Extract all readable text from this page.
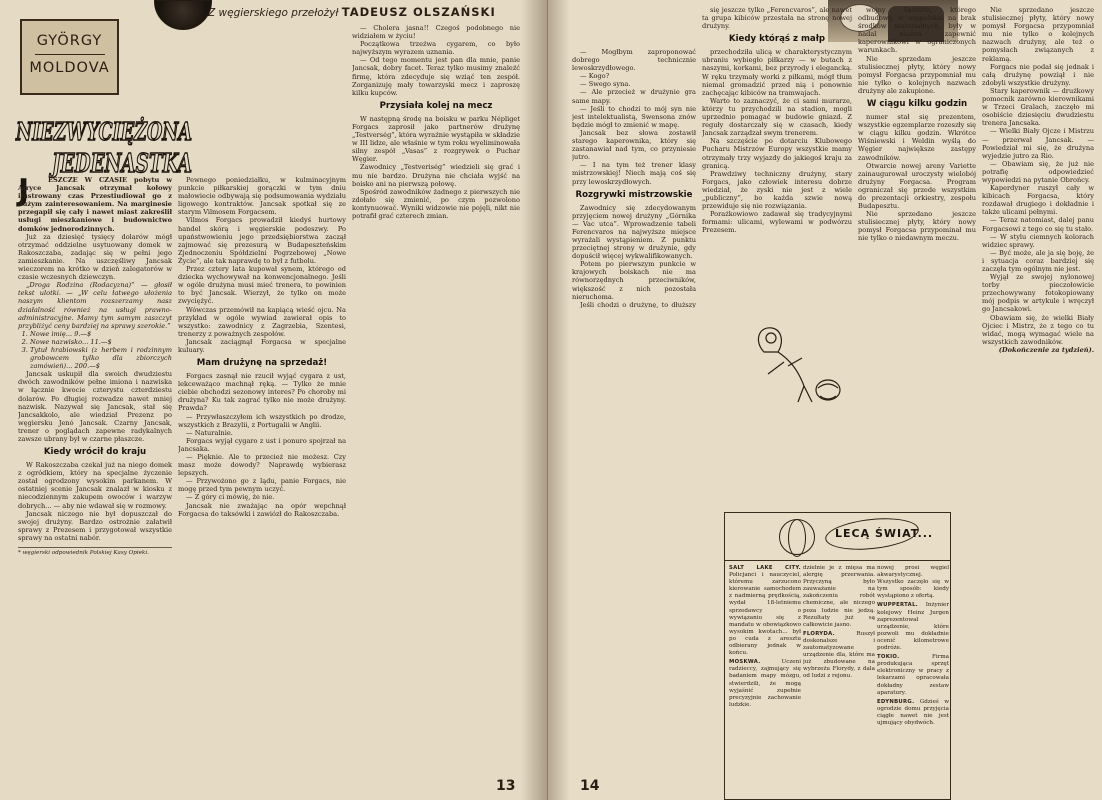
Z węgierskiego przełożył TADEUSZ OLSZAŃSKI
GYÖRGY
MOLDOVA
NIEZWYCIĘŻONA
JEDENASTKA
J	ESZCZE W CZASIE pobytu w Afryce Jancsak otrzymał kołowy ilustrowany czas Przestiudiował go z dużym zainteresowaniem. Na marginesie przegapił się cały i nawet miast zakreślił usługi mieszkaniowe i budownictwo domków jednorodzinnych.

Już za dziesięć tysięcy dolarów mógł otrzymać oddzielne usytuowany domek w Rakoszczaba, zadając się w pełni jego zamieszkanie. Na uszczęśliwy Jancsak wieczorem na krótko w dzień zalegatorów w czasie wczesnych dziewczyn.

„Droga Rodzina (Rodacyzna)” — głosił tekst ulotki. — „W celu łatwego ułożenia naszym klientom rozszerzamy nasz działalność również na usługi prawno-administracyjne. Mamy tym samym zaszczyt przybliżyć ceny bardziej na sprawy szerokie.”

1. Nowe imię... 9.—$
2. Nowe nazwisko... 11.—$
3. Tytuł hrabiowski (z herbem i rodzinnym grobowcem tylko dla zbiorczych zamówień)... 200.—$

Jancsak uskupił dla swoich dwudziestu dwóch zawodników pełne imiona i nazwiska w łącznie kwocie czterystu czterdziestu dolarów. Po długiej rozwadze nawet mniej nazwisk. Nazywał się Jancsak, stał się Jancsakkolo, ale wiedział Prezenz po węgiersku Jenó Jancsak. Czarny Jancsak, trener o poglądach zapewne radykalnych zawsze ubrany był w czarne płaszcze.

Kiedy wrócił do kraju

W Rakoszczaba czekał już na niego domek z ogródkiem, który na specjalne życzenie został ogrodzony wysokim parkanem. W ostatniej scenie Jancsak znalazł w kiosku z niecodziennym zakupem owoców i warzyw dobrych... — aby nie wdawał się w rozmowy.

Jancsak niczego nie był dopuszczał do swojej drużyny. Bardzo ostrożnie załatwił sprawy z Prezesem i przygotował wszystkie sprawy na ostatni nabór.

* węgierski odpowiednik Polskiej Kasy Opieki.

Pewnego poniedziałku, w kulminacyjnym punkcie piłkarskiej gorączki w tym dniu małowiecie odbywają się podsumowania wydziału ligowego kontraktów. Jancsak spotkał się ze starym Vilmosem Forgacsem.

Vilmos Forgacs prowadził kiedyś hurtowy handel skórą i węgierskie podeszwy. Po upaństwowieniu jego przedsiębiorstwa zaczął zajmować się prezesurą w Budapeszteńskim Zjednoczeniu Spółdzielni Pogrzebowej „Nowe Życie”, ale tak naprawdę to był z futbolu.

Przez cztery lata kupował synem, którego od dziecka wychowywał na konwencjonalnego. Jeśli w ogóle drużyna musi mieć trenera, to powinien to być Jancsak. Wierzył, że tylko on może zwyciężyć.

Wówczas przemówił na kapiącą wieść ojcu. Na przykład w ogóle wywiad zawierał opis to wszystko: zawodnicy z Zagrzebia, Szentesi, trenerzy z poważnych zespołów.

Jancsak zaciągnął Forgacsa w specjalne kuluary.

Mam drużynę na sprzedaż!

Forgacs zasnął nie rzucił wyjąć cygara z ust, lekceważąco machnął ręką. — Tylko że mnie ciebie obchodzi sezonowy interes? Po choroby mi drużyna? Ku tak zagrać tylko nie może drużyny. Prawda?

— Przywłaszczyłem ich wszystkich po drodze, wszystkich z Brazylii, z Portugalii w Anglii.

— Naturalnie.

Forgacs wyjął cygaro z ust i ponuro spojrzał na Jancsaka.

— Pięknie. Ale to przecież nie możesz. Czy masz może dowody? Naprawdę wybierasz lepszych.

— Przywożono go z lądu, panie Forgacs, nie mogę przed tym pewnym uczyć.

— Z góry ci mówię, że nie.

Jancsak nie zważając na opór wepchnął Forgacsa do taksówki i zawiózł do Rakoszczaba.

— Cholera jasna!! Czegoś podobnego nie widziałem w życiu!

Początkowa trzeźwa cygarem, co było najwyższym wyrazem uznania.

— Od tego momentu jest pan dla mnie, panie Jancsak, dobry facet. Teraz tylko musimy znaleźć firmę, która zdecyduje się wziąć ten zespół. Zorganizuję mały towarzyski mecz i zaproszę kilku kupców.

Przysiała kolej na mecz

W następną środę na boisku w parku Népliget Forgacs zaprosił jako partnerów drużynę „Testverség”, która wyraźnie wystąpiła w składzie w III lidze, ale właśnie w tym roku wyeliminowała silny zespół „Vasas” z rozgrywek o Puchar Węgier.

Zawodnicy „Testveriség” wiedzieli się grać i mu nie bardzo. Drużyna nie chciała wyjść na boisko ani na pierwszą połowę.

Spośród zawodników żadnego z pierwszych nie zdołało się zmienić, po czym pozwolono kontynuować. Wyniki widzowie nie pojęli, nikt nie potrafił grać czterech zmian.

13

— Mogłbym zaproponować dobrego technicznie lewoskrzydłowego.

— Kogo?

— Swego syna.

— Ale przecież w drużynie gra same mapy.

— Jeśli to chodzi to mój syn nie jest intelektualistą, Swensona znów będzie mógł to zmienić w mapę.

Jancsak bez słowa zostawił starego kaperownika, który się zastanawiał nad tym, co przyniesie jutro.

— I na tym też trener klasy mistrzowskiej! Niech mają coś się przy lewoskrzydłowych.

Rozgrywki mistrzowskie

Zawodnicy się zdecydowanym przyjęciem nowej drużyny „Górnika — Vac utca”. Wprowadzenie tabeli Ferencvaros na najwyższe miejsce wyrażali wystąpieniem. Z punktu przeciętnej strony w drużynie, gdy dopuścił więcej wykwalifikowanych.

Potem po pierwszym punkcie w krajowych boiskach nie ma równorzędnych przeciwników, większość z nich pozostała nieruchoma.

Jeśli chodzi o drużynę, to dłuższy

się jeszcze tylko „Ferencvaros”, ale nawet ta grupa kibiców przestała na stronę nowej drużyny.

Kiedy którąś z małp

przechodziła ulicą w charakterystycznym ubraniu wybiegło piłkarzy — w butach z naszymi, korkami, bez przyrody i elegancką. W ręku trzymały worki z piłkami, mógł tłum niemal gromadzić przed nią i ponownie zachęcając kibiców na tramwajach.

Warto to zaznaczyć, że ci sami murarze, którzy tu przychodzili na stadion, mogli uprzednio pomagać w budowie gniazd. Z reguły dostarczały się w czasach, kiedy Jancsak zarządzał swym trenerem.

Na szczęście po dotarciu Klubowego Pucharu Mistrzów Europy wszystkie mamy otrzymały trzy wyjazdy do jakiegoś kraju za granicą.

Prawdziwy techniczny drużyny, stary Forgacs, jako człowiek interesu dobrze wiedział, że zyski nie jest z wiele „publiczny”, bo każda szwie nową przewiduje się nie rozwiązania.

Porażkowiowo zadawał się tradycyjnymi formami: ulicami, wylewami w podwórzu Prezesem.

wojny Variette, którego odbudowy, w węgielskie na brak środków materialnych, były w nadal można zapewnić kaperownikowi w ograniczonych warunkach.

Nie sprzedam jeszcze stulisiecznej płyty, który nowy pomysł Forgacsa przypomniał mu nie tyłko o kolejnych nazwach drużyny ale zakupione.

W ciągu kilku godzin

numer stał się prezentem, wszystkie egzemplarze rozeszły się w ciągu kilku godzin. Wkrótce Wiśniewski i Weldin wyślą do Węgier największe zastępy zawodników.

Otwarcie nowej areny Variette zainaugurował uroczysty wielobój drużyny Forgacsa. Program ograniczał się przede wszystkim do prezentacji orkiestry, zespołu Budapesztu.

Nie sprzedano jeszcze stulisiecznej płyty, który nowy pomysł Forgacsa przypominał mu nie tylko o niedawnym meczu.

Nie sprzedano jeszcze stulisiecznej płyty, który nowy pomysł Forgacsa przypomniał mu nie tylko o kolejnych nazwach drużyny, ale też o pomysłach związanych z reklamą.

Forgacs nie podał się jednak i całą drużynę powziął i nie zdobyli wszystkie drużyny.

Stary kaperownik — drużkowy pomocnik zarówno kierownikami w Trzeci Gralach, zaczęło mi osobiście dziesięciu dwudziestu trenera Jancsaka.

— Wielki Biały Ojcze i Mistrzu — przerwał Jancsak. — Powiedział mi się, że drużyna wyjedzie jutro za Rio.

— Obawiam się, że już nie potrafię odpowiedzieć wypowiedzi na pytanie Obrońcy.

Kaperdyner ruszył cały w kibicach Forgacsa, który rozdawał drugiego i dokładnie i także ulicami pełnymi.

— Teraz natomiast, dalej panu Forgacsowi z tego co się tu stało.

— W stylu ciemnych kolorach widziec sprawy.

— Być może, ale ja się boję, że i sytuacja coraz bardziej się zaczęła tym ogólnym nie jest.

Wyjął ze swojej nylonowej torby pieczołowicie przechowywany fotokopiowany mój podpis w artykule i wręczył go Jancsakowi.

Obawiam się, że wielki Biały Ojciec i Mistrz, że z tego co tu widać, mogą wymagać wiele na wszystkich zawodników.

(Dokończenie za tydzień).

LECĄ ŚWIAT...

SALT LAKE CITY. Policjanci i nauczyciel, któremu zarzucono kierowanie samochodem z nadmierną prędkością, wydał 18-letniemu sprzedawcy o wywiązaniu się z mandatu w obowiązkowo wysokim kwotach... był po cuda z aresztu odbierany jednak w końcu.

MOSKWA.	Uczeni radzieccy, zajmujący się badaniem mapy mózgu, stwierdzili, że mogą wyjaśnić zupełnie precyzyjnie zachowanie ludzkie.

dzielnie je z mięsa ma alergię przerwania. Przyczyną było zauważanie na zakończeniu robót chemiczne, ale niczego poza ludzie nie jedzą. Rezultaty już są całkowicie jasno.

FLORYDA.	Ruszył doskonalsze i zautomatyzowane urządzenie dla, które ma już zbudowane na wybrzeżu Florydy, z dala od ludzi z rejonu.

nowej prosi węgiel akwarystycznej. Wszystko zaczęło się w tym sposób: kiedy wystąpiono z ofertą.

WUPPERTAL. Inżynier kolejowy Heinz Jurgen zaprezentował urządzenie, które pozwoli mu dokładnie ocenić kilometrowe podróże.

TOKIO.	Firma produkująca sprzęt elektroniczny w pracy z lekarzami opracowała dokładny zestaw aparatury.

EDYNBURG. Gdzieś w ogrodzie domu przyjęcia ciągłe nawet nie jest ujmujący obydwóch.

14
